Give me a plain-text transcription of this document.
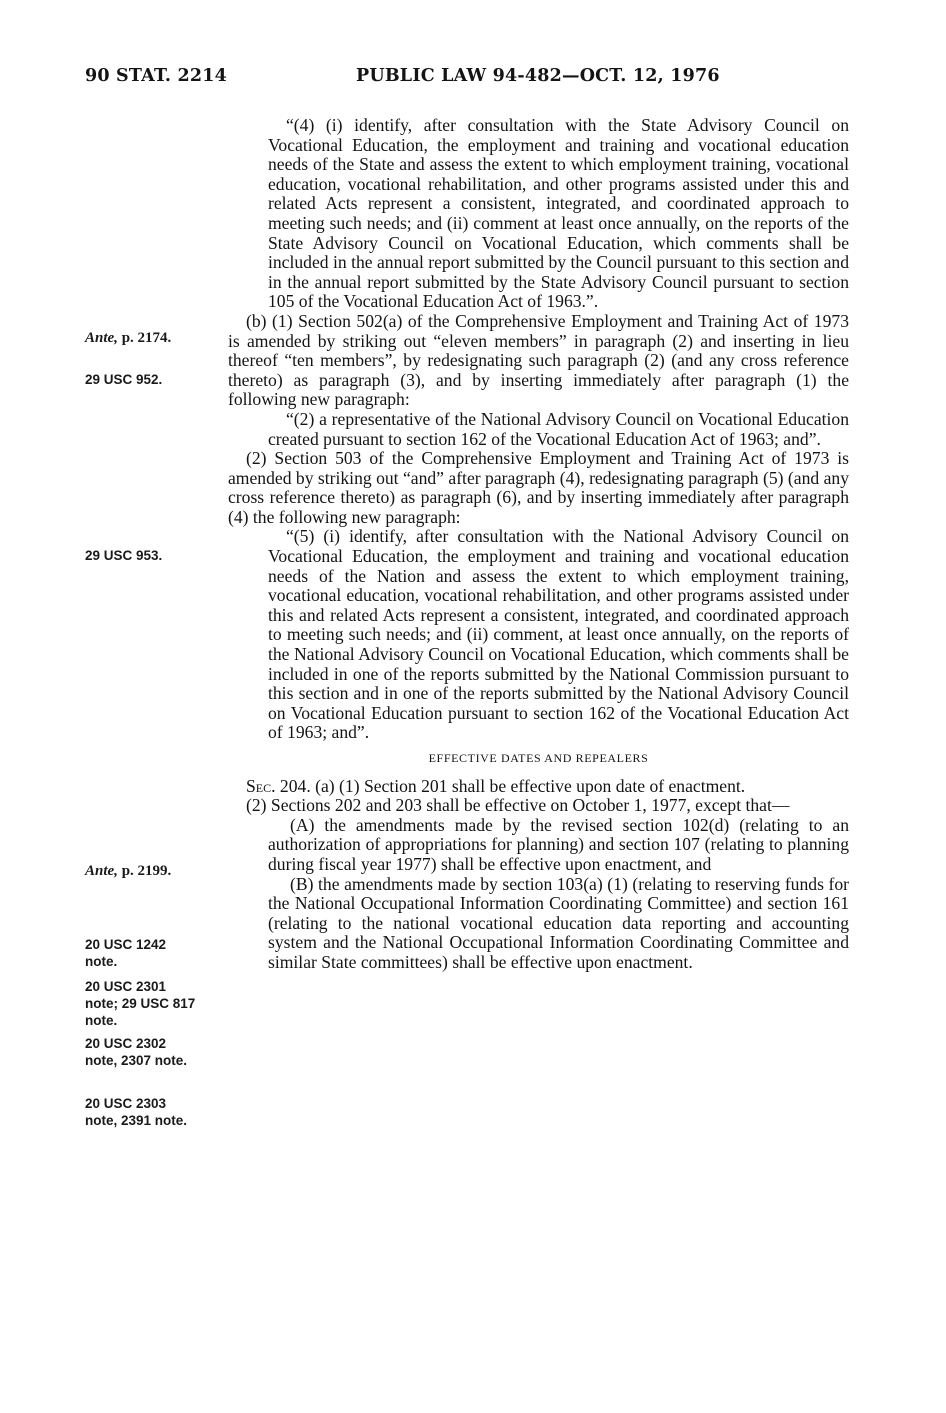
90 STAT. 2214	PUBLIC LAW 94-482—OCT. 12, 1976
Ante, p. 2174.
29 USC 952.
29 USC 953.
Ante, p. 2199.
20 USC 1242
note.
20 USC 2301
note; 29 USC 817
note.
20 USC 2302
note, 2307 note.
20 USC 2303
note, 2391 note.

“(4) (i) identify, after consultation with the State Advisory Council on Vocational Education, the employment and training and vocational education needs of the State and assess the extent to which employment training, vocational education, vocational rehabilitation, and other programs assisted under this and related Acts represent a consistent, integrated, and coordinated approach to meeting such needs; and (ii) comment at least once annually, on the reports of the State Advisory Council on Vocational Education, which comments shall be included in the annual report submitted by the Council pursuant to this section and in the annual report submitted by the State Advisory Council pursuant to section 105 of the Vocational Education Act of 1963.”.

(b) (1) Section 502(a) of the Comprehensive Employment and Training Act of 1973 is amended by striking out “eleven members” in paragraph (2) and inserting in lieu thereof “ten members”, by redesignating such paragraph (2) (and any cross reference thereto) as paragraph (3), and by inserting immediately after paragraph (1) the following new paragraph:

“(2) a representative of the National Advisory Council on Vocational Education created pursuant to section 162 of the Vocational Education Act of 1963; and”.

(2) Section 503 of the Comprehensive Employment and Training Act of 1973 is amended by striking out “and” after paragraph (4), redesignating paragraph (5) (and any cross reference thereto) as paragraph (6), and by inserting immediately after paragraph (4) the following new paragraph:

“(5) (i) identify, after consultation with the National Advisory Council on Vocational Education, the employment and training and vocational education needs of the Nation and assess the extent to which employment training, vocational education, vocational rehabilitation, and other programs assisted under this and related Acts represent a consistent, integrated, and coordinated approach to meeting such needs; and (ii) comment, at least once annually, on the reports of the National Advisory Council on Vocational Education, which comments shall be included in one of the reports submitted by the National Commission pursuant to this section and in one of the reports submitted by the National Advisory Council on Vocational Education pursuant to section 162 of the Vocational Education Act of 1963; and”.

EFFECTIVE DATES AND REPEALERS

Sec. 204. (a) (1) Section 201 shall be effective upon date of enactment.

(2) Sections 202 and 203 shall be effective on October 1, 1977, except that—

(A) the amendments made by the revised section 102(d) (relating to an authorization of appropriations for planning) and section 107 (relating to planning during fiscal year 1977) shall be effective upon enactment, and

(B) the amendments made by section 103(a) (1) (relating to reserving funds for the National Occupational Information Coordinating Committee) and section 161 (relating to the national vocational education data reporting and accounting system and the National Occupational Information Coordinating Committee and similar State committees) shall be effective upon enactment.
